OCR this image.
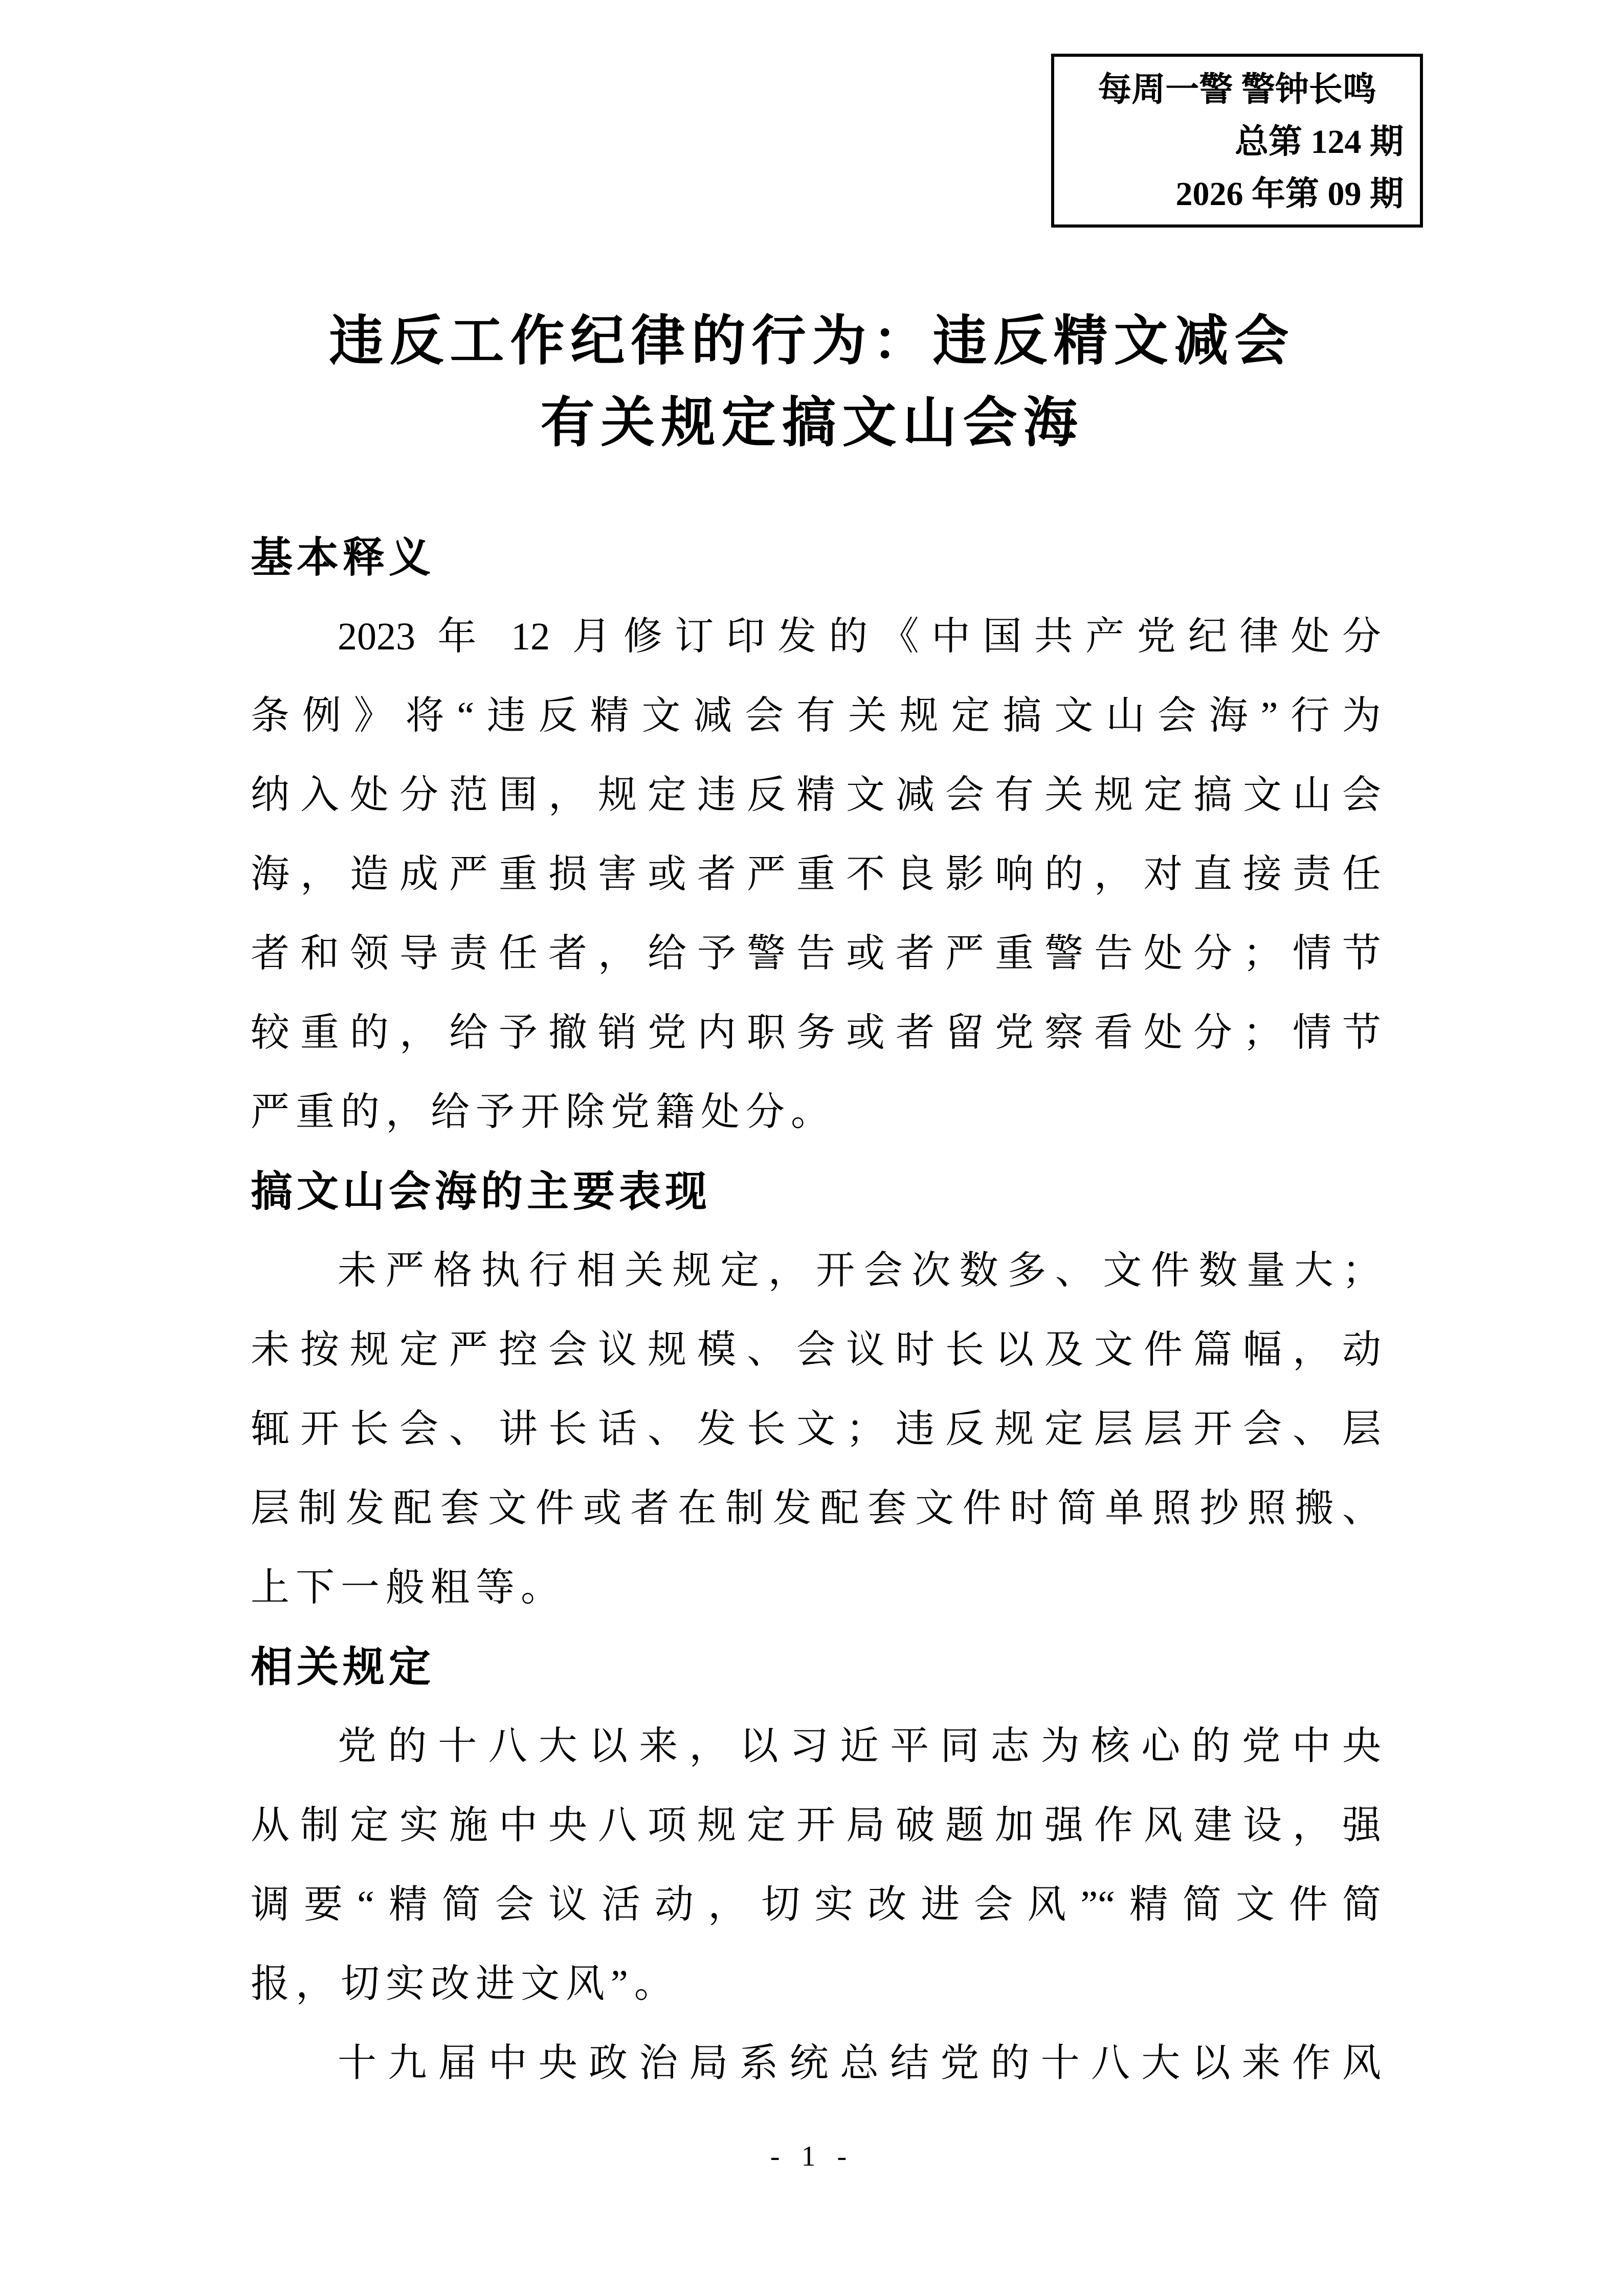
每周一警 警钟长鸣
总第 124 期
2026 年第 09 期
违反工作纪律的行为：违反精文减会
有关规定搞文山会海
基本释义
2023 年 12 月修订印发的《中国共产党纪律处分
条例》将“违反精文减会有关规定搞文山会海”行为
纳入处分范围，规定违反精文减会有关规定搞文山会
海，造成严重损害或者严重不良影响的，对直接责任
者和领导责任者，给予警告或者严重警告处分；情节
较重的，给予撤销党内职务或者留党察看处分；情节
严重的，给予开除党籍处分。
搞文山会海的主要表现
未严格执行相关规定，开会次数多、文件数量大；
未按规定严控会议规模、会议时长以及文件篇幅，动
辄开长会、讲长话、发长文；违反规定层层开会、层
层制发配套文件或者在制发配套文件时简单照抄照搬、
上下一般粗等。
相关规定
党的十八大以来，以习近平同志为核心的党中央
从制定实施中央八项规定开局破题加强作风建设，强
调要“精简会议活动，切实改进会风”“精简文件简
报，切实改进文风”。
十九届中央政治局系统总结党的十八大以来作风
- 1 -
